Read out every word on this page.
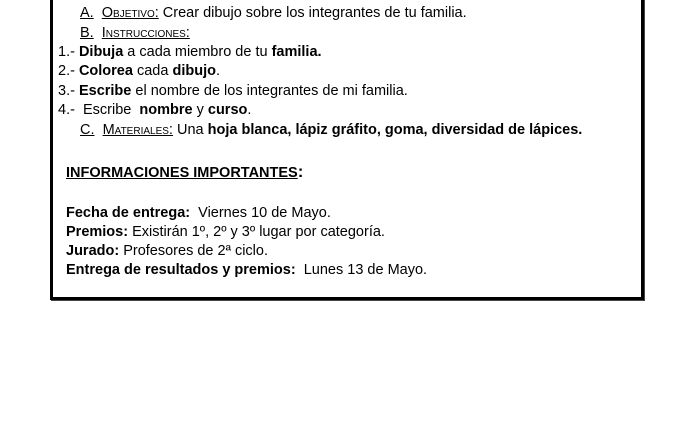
A. Objetivo: Crear dibujo sobre los integrantes de tu familia.
B. Instrucciones:
1.- Dibuja a cada miembro de tu familia.
2.- Colorea cada dibujo.
3.- Escribe el nombre de los integrantes de mi familia.
4.- Escribe nombre y curso.
C. Materiales: Una hoja blanca, lápiz gráfito, goma, diversidad de lápices.
INFORMACIONES IMPORTANTES:
Fecha de entrega: Viernes 10 de Mayo.
Premios: Existirán 1º, 2º y 3º lugar por categoría.
Jurado: Profesores de 2ª ciclo.
Entrega de resultados y premios: Lunes 13 de Mayo.
